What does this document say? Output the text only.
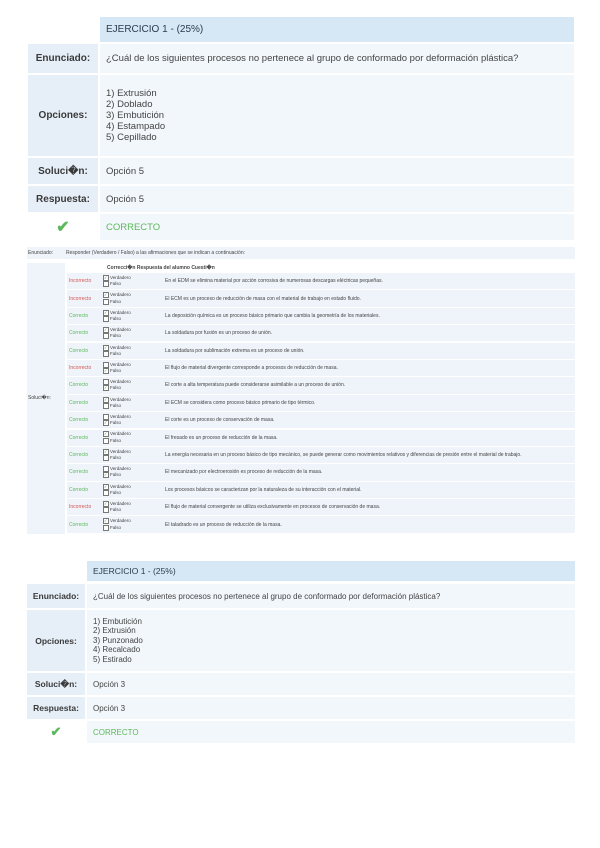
EJERCICIO 1 - (25%)
Enunciado:	¿Cuál de los siguientes procesos no pertenece al grupo de conformado por deformación plástica?
Opciones:
1) Extrusión
2) Doblado
3) Embutición
4) Estampado
5) Cepillado
Soluci�n:	Opción 5
Respuesta:	Opción 5
✔	CORRECTO
Enunciado:	Responder (Verdadero / Falso) a las afirmaciones que se indican a continuación:
Soluci�n:
Correcci�n Respuesta del alumno Cuesti�n
Incorrecto
✓ Verdadero
Falso	En el EDM se elimina material por acción corrosiva de numerosas descargas eléctricas pequeñas.
Incorrecto
✓ Verdadero
Falso	El ECM es un proceso de reducción de masa con el material de trabajo en estado fluido.
Correcto
✓ Verdadero
Falso	La deposición química es un proceso básico primario que cambia la geometría de los materiales.
Correcto
✓ Verdadero
Falso	La soldadura por fusión es un proceso de unión.
Correcto
✓ Verdadero
Falso	La soldadura por sublimación extrema es un proceso de unión.
Incorrecto
Verdadero
✓ Falso	El flujo de material divergente corresponde a procesos de reducción de masa.
Correcto
Verdadero
✓ Falso	El corte a alta temperatura puede considerarse asimilable a un proceso de unión.
Correcto
✓ Verdadero
Falso	El ECM se considera como proceso básico primario de tipo térmico.
Correcto
Verdadero
✓ Falso	El corte es un proceso de conservación de masa.
Correcto
✓ Verdadero
Falso	El fresado es un proceso de reducción de la masa.
Correcto
✓ Verdadero
Falso	La energía necesaria en un proceso básico de tipo mecánico, se puede generar como movimientos relativos y diferencias de presión entre el material de trabajo.
Correcto
Verdadero
✓ Falso	El mecanizado por electroerosión es proceso de reducción de la masa.
Correcto
✓ Verdadero
Falso	Los procesos básicos se caracterizan por la naturaleza de su interacción con el material.
Incorrecto
✓ Verdadero
Falso	El flujo de material convergente se utiliza exclusivamente en procesos de conservación de masa.
Correcto
✓ Verdadero
Falso	El taladrado es un proceso de reducción de la masa.
EJERCICIO 1 - (25%)
Enunciado:	¿Cuál de los siguientes procesos no pertenece al grupo de conformado por deformación plástica?
Opciones:
1) Embutición
2) Extrusión
3) Punzonado
4) Recalcado
5) Estirado
Soluci�n:	Opción 3
Respuesta:	Opción 3
✔	CORRECTO
